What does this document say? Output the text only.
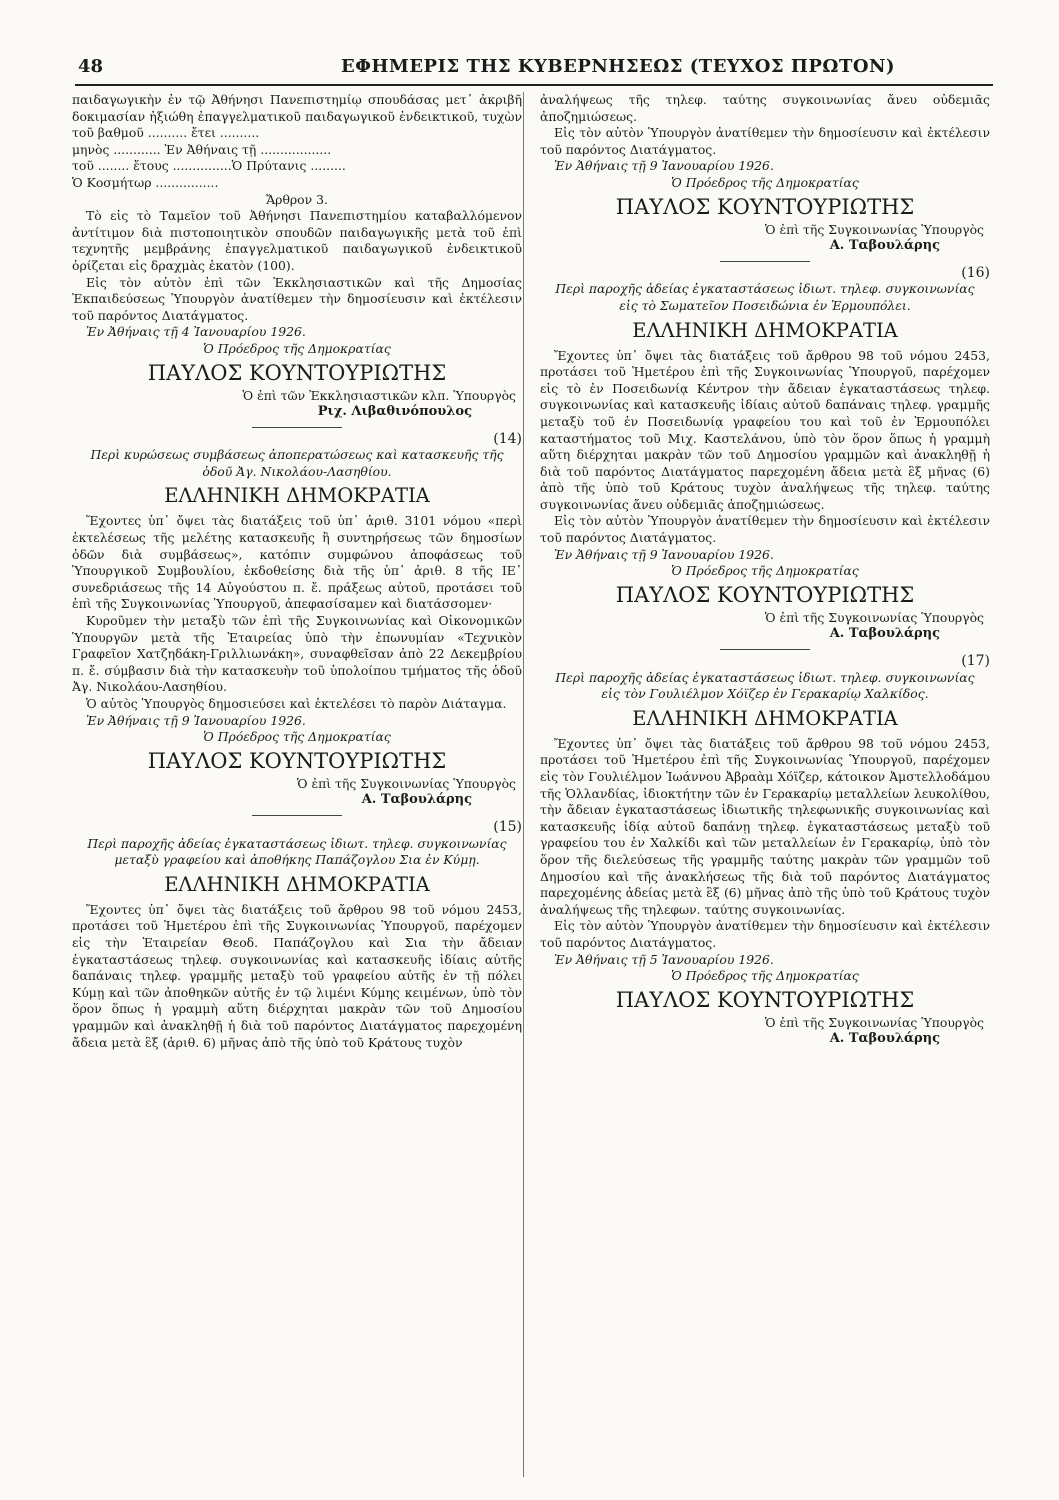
48	ΕΦΗΜΕΡΙΣ ΤΗΣ ΚΥΒΕΡΝΗΣΕΩΣ (ΤΕΥΧΟΣ ΠΡΩΤΟΝ)

παιδαγωγικὴν ἐν τῷ Ἀθήνησι Πανεπιστημίῳ σπουδάσας μετ᾽ ἀκριβῆ δοκιμασίαν ἠξιώθη ἐπαγγελματικοῦ παιδαγωγικοῦ ἐνδεικτικοῦ, τυχὼν τοῦ βαθμοῦ .......... ἔτει ..........

μηνὸς ............ Ἐν Ἀθήναις τῇ ..................

τοῦ ........ ἔτους ...............Ὁ Πρύτανις .........

Ὁ Κοσμήτωρ ................

Ἄρθρον 3.

Τὸ εἰς τὸ Ταμεῖον τοῦ Ἀθήνησι Πανεπιστημίου καταβαλλόμενον ἀντίτιμον διὰ πιστοποιητικὸν σπουδῶν παιδαγωγικῆς μετὰ τοῦ ἐπὶ τεχνητῆς μεμβράνης ἐπαγγελματικοῦ παιδαγωγικοῦ ἐνδεικτικοῦ ὁρίζεται εἰς δραχμὰς ἑκατὸν (100).

Εἰς τὸν αὐτὸν ἐπὶ τῶν Ἐκκλησιαστικῶν καὶ τῆς Δημοσίας Ἐκπαιδεύσεως Ὑπουργὸν ἀνατίθεμεν τὴν δημοσίευσιν καὶ ἐκτέλεσιν τοῦ παρόντος Διατάγματος.

Ἐν Ἀθήναις τῇ 4 Ἰανουαρίου 1926.

Ὁ Πρόεδρος τῆς Δημοκρατίας

ΠΑΥΛΟΣ ΚΟΥΝΤΟΥΡΙΩΤΗΣ

Ὁ ἐπὶ τῶν Ἐκκλησιαστικῶν κλπ. Ὑπουργὸς

Ριχ. Λιβαθινόπουλος

(14)

Περὶ κυρώσεως συμβάσεως ἀποπερατώσεως καὶ κατασκευῆς τῆς ὁδοῦ Ἀγ. Νικολάου-Λασηθίου.

ΕΛΛΗΝΙΚΗ ΔΗΜΟΚΡΑΤΙΑ

Ἔχοντες ὑπ᾽ ὄψει τὰς διατάξεις τοῦ ὑπ᾽ ἀριθ. 3101 νόμου «περὶ ἐκτελέσεως τῆς μελέτης κατασκευῆς ἢ συντηρήσεως τῶν δημοσίων ὁδῶν διὰ συμβάσεως», κατόπιν συμφώνου ἀποφάσεως τοῦ Ὑπουργικοῦ Συμβουλίου, ἐκδοθείσης διὰ τῆς ὑπ᾽ ἀριθ. 8 τῆς ΙΕ᾽ συνεδριάσεως τῆς 14 Αὐγούστου π. ἔ. πράξεως αὐτοῦ, προτάσει τοῦ ἐπὶ τῆς Συγκοινωνίας Ὑπουργοῦ, ἀπεφασίσαμεν καὶ διατάσσομεν·

Κυροῦμεν τὴν μεταξὺ τῶν ἐπὶ τῆς Συγκοινωνίας καὶ Οἰκονομικῶν Ὑπουργῶν μετὰ τῆς Ἑταιρείας ὑπὸ τὴν ἐπωνυμίαν «Τεχνικὸν Γραφεῖον Χατζηδάκη-Γριλλιωνάκη», συναφθεῖσαν ἀπὸ 22 Δεκεμβρίου π. ἔ. σύμβασιν διὰ τὴν κατασκευὴν τοῦ ὑπολοίπου τμήματος τῆς ὁδοῦ Ἀγ. Νικολάου-Λασηθίου.

Ὁ αὐτὸς Ὑπουργὸς δημοσιεύσει καὶ ἐκτελέσει τὸ παρὸν Διάταγμα.

Ἐν Ἀθήναις τῇ 9 Ἰανουαρίου 1926.

Ὁ Πρόεδρος τῆς Δημοκρατίας

ΠΑΥΛΟΣ ΚΟΥΝΤΟΥΡΙΩΤΗΣ

Ὁ ἐπὶ τῆς Συγκοινωνίας Ὑπουργὸς

Α. Ταβουλάρης

(15)

Περὶ παροχῆς ἀδείας ἐγκαταστάσεως ἰδιωτ. τηλεφ. συγκοινωνίας μεταξὺ γραφείου καὶ ἀποθήκης Παπάζογλου Σια ἐν Κύμῃ.

ΕΛΛΗΝΙΚΗ ΔΗΜΟΚΡΑΤΙΑ

Ἔχοντες ὑπ᾽ ὄψει τὰς διατάξεις τοῦ ἄρθρου 98 τοῦ νόμου 2453, προτάσει τοῦ Ἡμετέρου ἐπὶ τῆς Συγκοινωνίας Ὑπουργοῦ, παρέχομεν εἰς τὴν Ἑταιρείαν Θεοδ. Παπάζογλου καὶ Σια τὴν ἄδειαν ἐγκαταστάσεως τηλεφ. συγκοινωνίας καὶ κατασκευῆς ἰδίαις αὐτῆς δαπάναις τηλεφ. γραμμῆς μεταξὺ τοῦ γραφείου αὐτῆς ἐν τῇ πόλει Κύμῃ καὶ τῶν ἀποθηκῶν αὐτῆς ἐν τῷ λιμένι Κύμης κειμένων, ὑπὸ τὸν ὅρον ὅπως ἡ γραμμὴ αὕτη διέρχηται μακρὰν τῶν τοῦ Δημοσίου γραμμῶν καὶ ἀνακληθῇ ἡ διὰ τοῦ παρόντος Διατάγματος παρεχομένη ἄδεια μετὰ ἓξ (ἀριθ. 6) μῆνας ἀπὸ τῆς ὑπὸ τοῦ Κράτους τυχὸν

ἀναλήψεως τῆς τηλεφ. ταύτης συγκοινωνίας ἄνευ οὐδεμιᾶς ἀποζημιώσεως.

Εἰς τὸν αὐτὸν Ὑπουργὸν ἀνατίθεμεν τὴν δημοσίευσιν καὶ ἐκτέλεσιν τοῦ παρόντος Διατάγματος.

Ἐν Ἀθήναις τῇ 9 Ἰανουαρίου 1926.

Ὁ Πρόεδρος τῆς Δημοκρατίας

ΠΑΥΛΟΣ ΚΟΥΝΤΟΥΡΙΩΤΗΣ

Ὁ ἐπὶ τῆς Συγκοινωνίας Ὑπουργὸς

Α. Ταβουλάρης

(16)

Περὶ παροχῆς ἀδείας ἐγκαταστάσεως ἰδιωτ. τηλεφ. συγκοινωνίας εἰς τὸ Σωματεῖον Ποσειδώνια ἐν Ἑρμουπόλει.

ΕΛΛΗΝΙΚΗ ΔΗΜΟΚΡΑΤΙΑ

Ἔχοντες ὑπ᾽ ὄψει τὰς διατάξεις τοῦ ἄρθρου 98 τοῦ νόμου 2453, προτάσει τοῦ Ἡμετέρου ἐπὶ τῆς Συγκοινωνίας Ὑπουργοῦ, παρέχομεν εἰς τὸ ἐν Ποσειδωνίᾳ Κέντρον τὴν ἄδειαν ἐγκαταστάσεως τηλεφ. συγκοινωνίας καὶ κατασκευῆς ἰδίαις αὐτοῦ δαπάναις τηλεφ. γραμμῆς μεταξὺ τοῦ ἐν Ποσειδωνίᾳ γραφείου του καὶ τοῦ ἐν Ἑρμουπόλει καταστήματος τοῦ Μιχ. Καστελάνου, ὑπὸ τὸν ὅρον ὅπως ἡ γραμμὴ αὕτη διέρχηται μακρὰν τῶν τοῦ Δημοσίου γραμμῶν καὶ ἀνακληθῇ ἡ διὰ τοῦ παρόντος Διατάγματος παρεχομένη ἄδεια μετὰ ἓξ μῆνας (6) ἀπὸ τῆς ὑπὸ τοῦ Κράτους τυχὸν ἀναλήψεως τῆς τηλεφ. ταύτης συγκοινωνίας ἄνευ οὐδεμιᾶς ἀποζημιώσεως.

Εἰς τὸν αὐτὸν Ὑπουργὸν ἀνατίθεμεν τὴν δημοσίευσιν καὶ ἐκτέλεσιν τοῦ παρόντος Διατάγματος.

Ἐν Ἀθήναις τῇ 9 Ἰανουαρίου 1926.

Ὁ Πρόεδρος τῆς Δημοκρατίας

ΠΑΥΛΟΣ ΚΟΥΝΤΟΥΡΙΩΤΗΣ

Ὁ ἐπὶ τῆς Συγκοινωνίας Ὑπουργὸς

Α. Ταβουλάρης

(17)

Περὶ παροχῆς ἀδείας ἐγκαταστάσεως ἰδιωτ. τηλεφ. συγκοινωνίας εἰς τὸν Γουλιέλμον Χόϊζερ ἐν Γερακαρίῳ Χαλκίδος.

ΕΛΛΗΝΙΚΗ ΔΗΜΟΚΡΑΤΙΑ

Ἔχοντες ὑπ᾽ ὄψει τὰς διατάξεις τοῦ ἄρθρου 98 τοῦ νόμου 2453, προτάσει τοῦ Ἡμετέρου ἐπὶ τῆς Συγκοινωνίας Ὑπουργοῦ, παρέχομεν εἰς τὸν Γουλιέλμον Ἰωάννου Ἀβραὰμ Χόϊζερ, κάτοικον Ἀμστελλοδάμου τῆς Ὁλλανδίας, ἰδιοκτήτην τῶν ἐν Γερακαρίῳ μεταλλείων λευκολίθου, τὴν ἄδειαν ἐγκαταστάσεως ἰδιωτικῆς τηλεφωνικῆς συγκοινωνίας καὶ κατασκευῆς ἰδίᾳ αὐτοῦ δαπάνῃ τηλεφ. ἐγκαταστάσεως μεταξὺ τοῦ γραφείου του ἐν Χαλκίδι καὶ τῶν μεταλλείων ἐν Γερακαρίῳ, ὑπὸ τὸν ὅρον τῆς διελεύσεως τῆς γραμμῆς ταύτης μακρὰν τῶν γραμμῶν τοῦ Δημοσίου καὶ τῆς ἀνακλήσεως τῆς διὰ τοῦ παρόντος Διατάγματος παρεχομένης ἀδείας μετὰ ἓξ (6) μῆνας ἀπὸ τῆς ὑπὸ τοῦ Κράτους τυχὸν ἀναλήψεως τῆς τηλεφων. ταύτης συγκοινωνίας.

Εἰς τὸν αὐτὸν Ὑπουργὸν ἀνατίθεμεν τὴν δημοσίευσιν καὶ ἐκτέλεσιν τοῦ παρόντος Διατάγματος.

Ἐν Ἀθήναις τῇ 5 Ἰανουαρίου 1926.

Ὁ Πρόεδρος τῆς Δημοκρατίας

ΠΑΥΛΟΣ ΚΟΥΝΤΟΥΡΙΩΤΗΣ

Ὁ ἐπὶ τῆς Συγκοινωνίας Ὑπουργὸς

Α. Ταβουλάρης
